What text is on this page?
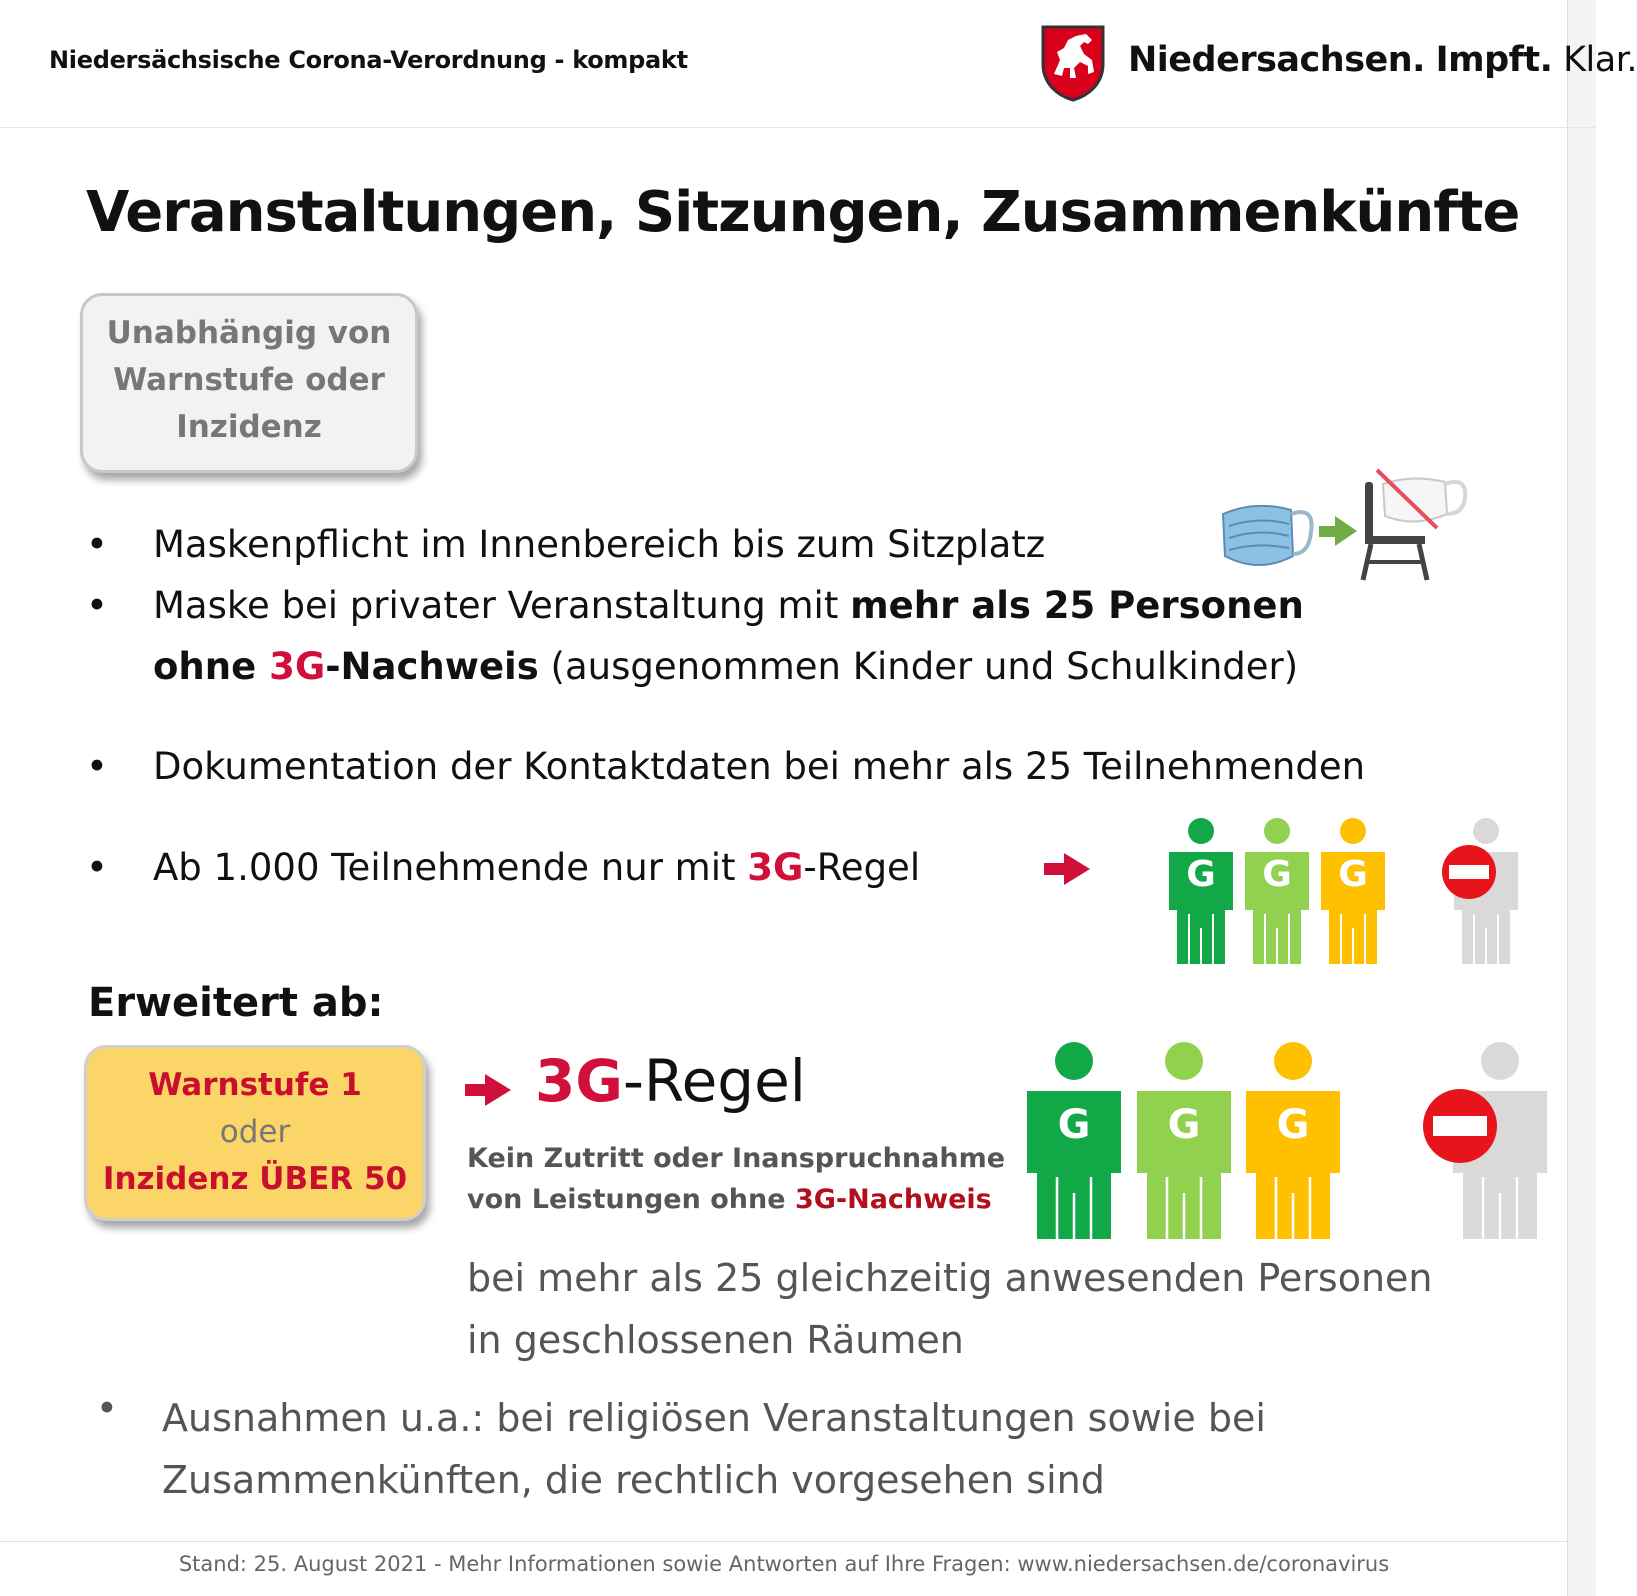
Niedersächsische Corona-Verordnung - kompakt	Niedersachsen. Impft. Klar.
Veranstaltungen, Sitzungen, Zusammenkünfte
Unabhängig von
Warnstufe oder
Inzidenz
• Maskenpflicht im Innenbereich bis zum Sitzplatz
• Maske bei privater Veranstaltung mit mehr als 25 Personen
ohne 3G-Nachweis (ausgenommen Kinder und Schulkinder)
• Dokumentation der Kontaktdaten bei mehr als 25 Teilnehmenden
• Ab 1.000 Teilnehmende nur mit 3G-Regel	G G G
Erweitert ab:
Warnstufe 1
oder
Inzidenz ÜBER 50
3G-Regel
Kein Zutritt oder Inanspruchnahme
von Leistungen ohne 3G-Nachweis
G G G
bei mehr als 25 gleichzeitig anwesenden Personen
in geschlossenen Räumen
• Ausnahmen u.a.: bei religiösen Veranstaltungen sowie bei
Zusammenkünften, die rechtlich vorgesehen sind
Stand: 25. August 2021 - Mehr Informationen sowie Antworten auf Ihre Fragen: www.niedersachsen.de/coronavirus
